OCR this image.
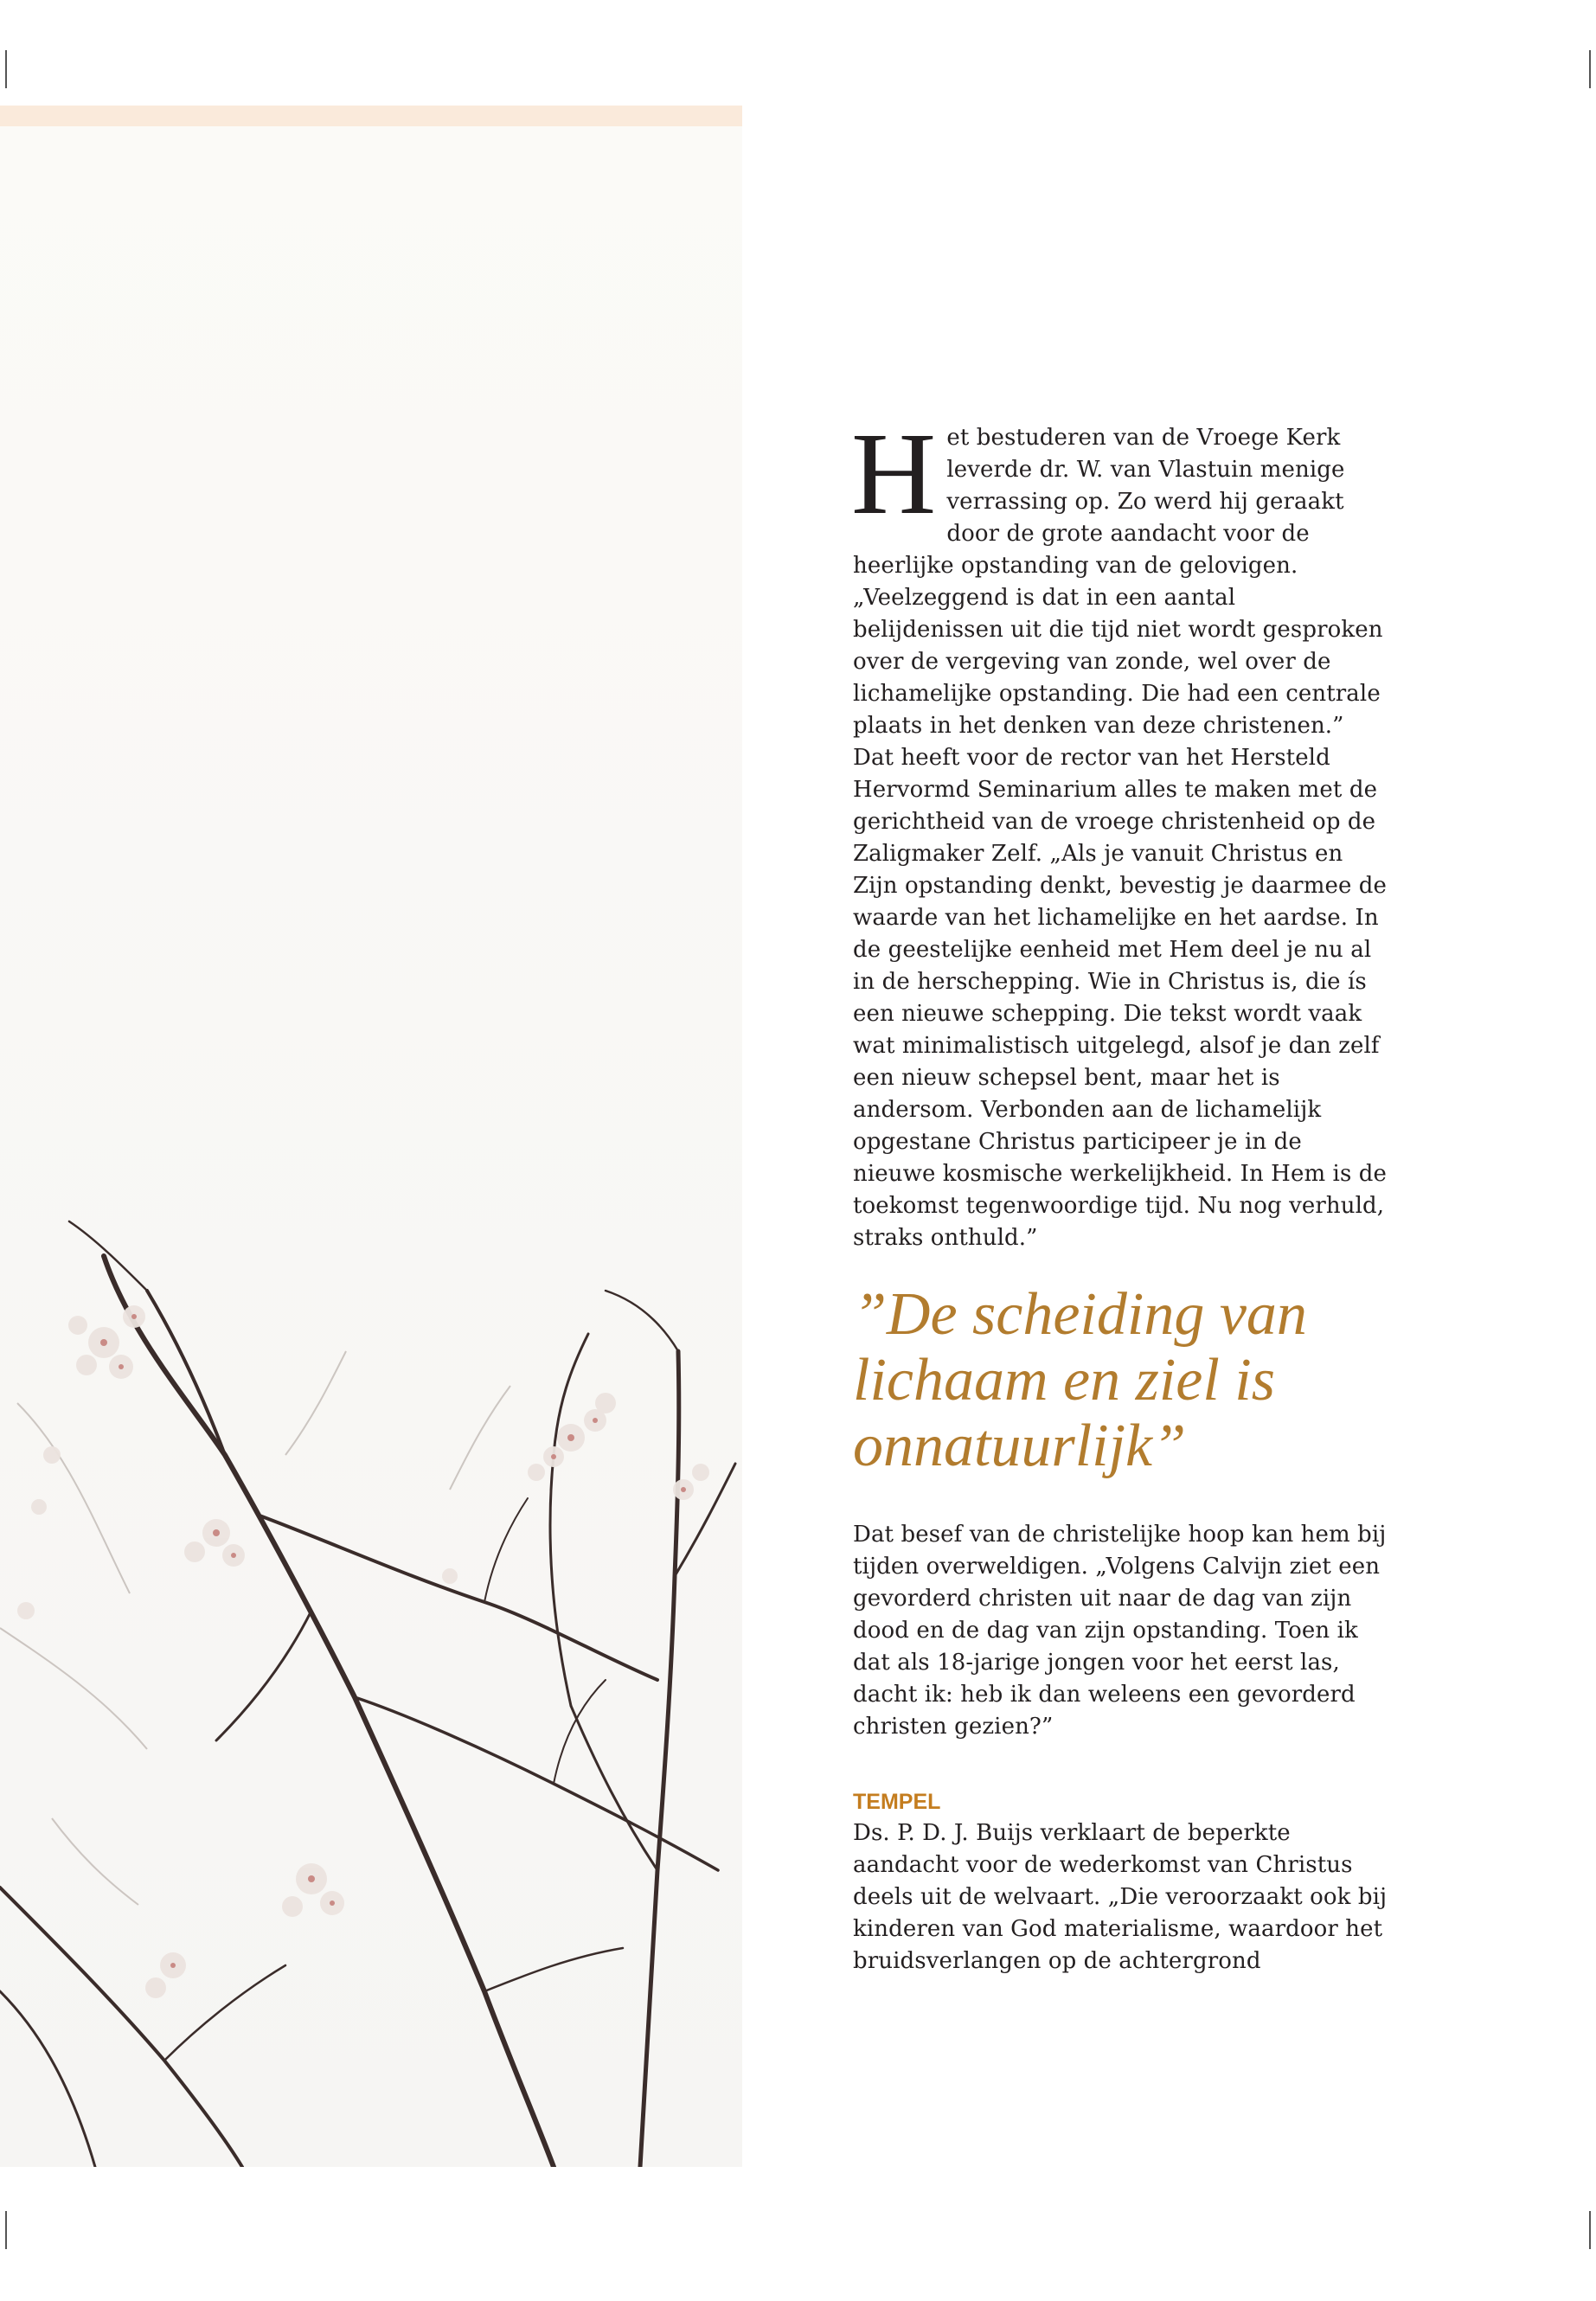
Het bestuderen van de Vroege Kerk leverde dr. W. van Vlastuin menige verrassing op. Zo werd hij geraakt door de grote aandacht voor de heerlijke opstanding van de gelovigen. „Veelzeggend is dat in een aantal belijdenissen uit die tijd niet wordt gesproken over de vergeving van zonde, wel over de lichamelijke opstanding. Die had een centrale plaats in het denken van deze christenen.”

Dat heeft voor de rector van het Hersteld Hervormd Seminarium alles te maken met de gerichtheid van de vroege christenheid op de Zaligmaker Zelf. „Als je vanuit Christus en Zijn opstanding denkt, bevestig je daarmee de waarde van het lichamelijke en het aardse. In de geestelijke eenheid met Hem deel je nu al in de herschepping. Wie in Christus is, die ís een nieuwe schepping. Die tekst wordt vaak wat minimalistisch uitgelegd, alsof je dan zelf een nieuw schepsel bent, maar het is andersom. Verbonden aan de lichamelijk opgestane Christus participeer je in de nieuwe kosmische werkelijkheid. In Hem is de toekomst tegenwoordige tijd. Nu nog verhuld, straks onthuld.”

”De scheiding van lichaam en ziel is onnatuurlijk”

Dat besef van de christelijke hoop kan hem bij tijden overweldigen. „Volgens Calvijn ziet een gevorderd christen uit naar de dag van zijn dood en de dag van zijn opstanding. Toen ik dat als 18-jarige jongen voor het eerst las, dacht ik: heb ik dan weleens een gevorderd christen gezien?”

TEMPEL

Ds. P. D. J. Buijs verklaart de beperkte aandacht voor de wederkomst van Christus deels uit de welvaart. „Die veroorzaakt ook bij kinderen van God materialisme, waardoor het bruidsverlangen op de achtergrond
